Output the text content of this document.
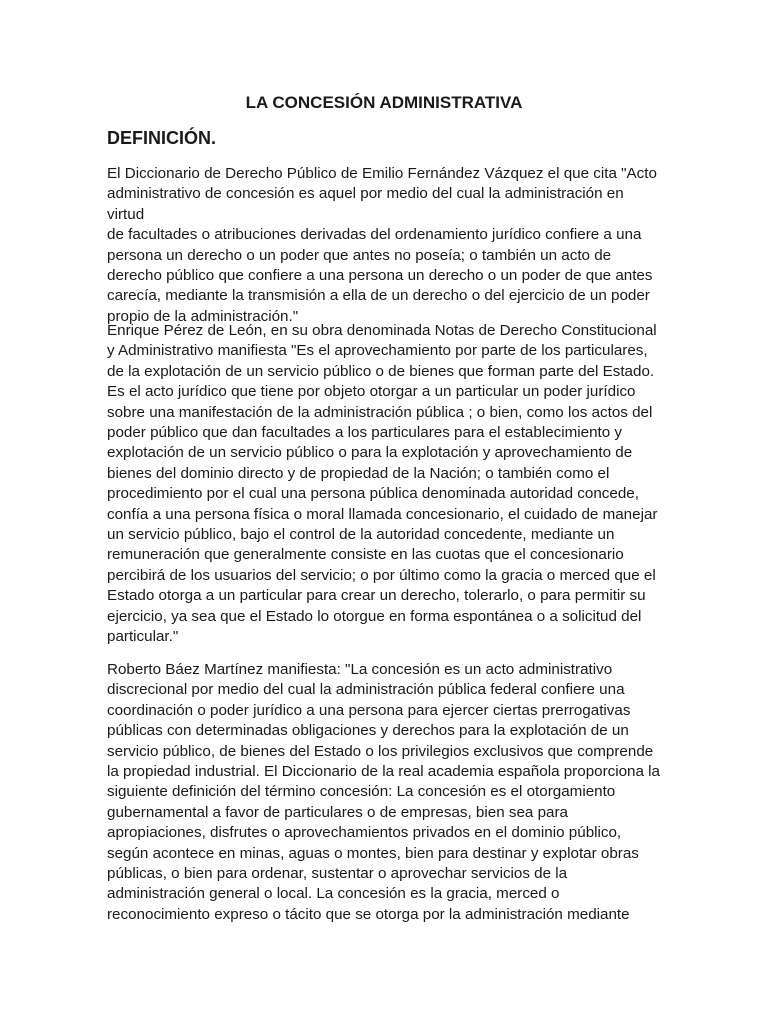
LA CONCESIÓN ADMINISTRATIVA
DEFINICIÓN.

El Diccionario de Derecho Público de Emilio Fernández Vázquez el que cita "Acto
administrativo de concesión es aquel por medio del cual la administración en virtud
de facultades o atribuciones derivadas del ordenamiento jurídico confiere a una
persona un derecho o un poder que antes no poseía; o también un acto de
derecho público que confiere a una persona un derecho o un poder de que antes
carecía, mediante la transmisión a ella de un derecho o del ejercicio de un poder
propio de la administración."

Enrique Pérez de León, en su obra denominada Notas de Derecho Constitucional
y Administrativo manifiesta "Es el aprovechamiento por parte de los particulares,
de la explotación de un servicio público o de bienes que forman parte del Estado.
Es el acto jurídico que tiene por objeto otorgar a un particular un poder jurídico
sobre una manifestación de la administración pública ; o bien, como los actos del
poder público que dan facultades a los particulares para el establecimiento y
explotación de un servicio público o para la explotación y aprovechamiento de
bienes del dominio directo y de propiedad de la Nación; o también como el
procedimiento por el cual una persona pública denominada autoridad concede,
confía a una persona física o moral llamada concesionario, el cuidado de manejar
un servicio público, bajo el control de la autoridad concedente, mediante un
remuneración que generalmente consiste en las cuotas que el concesionario
percibirá de los usuarios del servicio; o por último como la gracia o merced que el
Estado otorga a un particular para crear un derecho, tolerarlo, o para permitir su
ejercicio, ya sea que el Estado lo otorgue en forma espontánea o a solicitud del
particular."

Roberto Báez Martínez manifiesta: "La concesión es un acto administrativo
discrecional por medio del cual la administración pública federal confiere una
coordinación o poder jurídico a una persona para ejercer ciertas prerrogativas
públicas con determinadas obligaciones y derechos para la explotación de un
servicio público, de bienes del Estado o los privilegios exclusivos que comprende
la propiedad industrial. El Diccionario de la real academia española proporciona la
siguiente definición del término concesión: La concesión es el otorgamiento
gubernamental a favor de particulares o de empresas, bien sea para
apropiaciones, disfrutes o aprovechamientos privados en el dominio público,
según acontece en minas, aguas o montes, bien para destinar y explotar obras
públicas, o bien para ordenar, sustentar o aprovechar servicios de la
administración general o local. La concesión es la gracia, merced o
reconocimiento expreso o tácito que se otorga por la administración mediante
